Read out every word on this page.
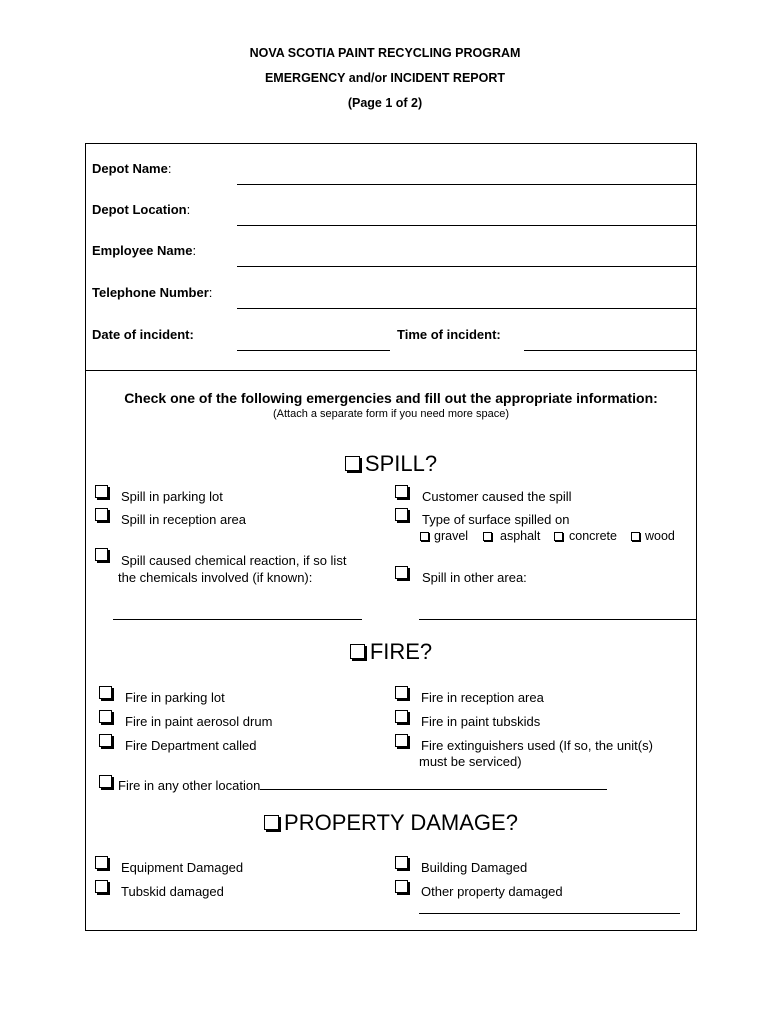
NOVA SCOTIA PAINT RECYCLING PROGRAM
EMERGENCY and/or INCIDENT REPORT
(Page 1 of 2)
Depot Name:
Depot Location:
Employee Name:
Telephone Number:
Date of incident:	Time of incident:
Check one of the following emergencies and fill out the appropriate information:
(Attach a separate form if you need more space)
SPILL?
Spill in parking lot
Spill in reception area
Spill caused chemical reaction, if so list
the chemicals involved (if known):
Customer caused the spill
Type of surface spilled on
gravel	asphalt concrete wood
Spill in other area:
FIRE?
Fire in parking lot
Fire in paint aerosol drum
Fire Department called
Fire in reception area
Fire in paint tubskids
Fire extinguishers used (If so, the unit(s)
must be serviced)
Fire in any other location
PROPERTY DAMAGE?
Equipment Damaged
Tubskid damaged
Building Damaged
Other property damaged
